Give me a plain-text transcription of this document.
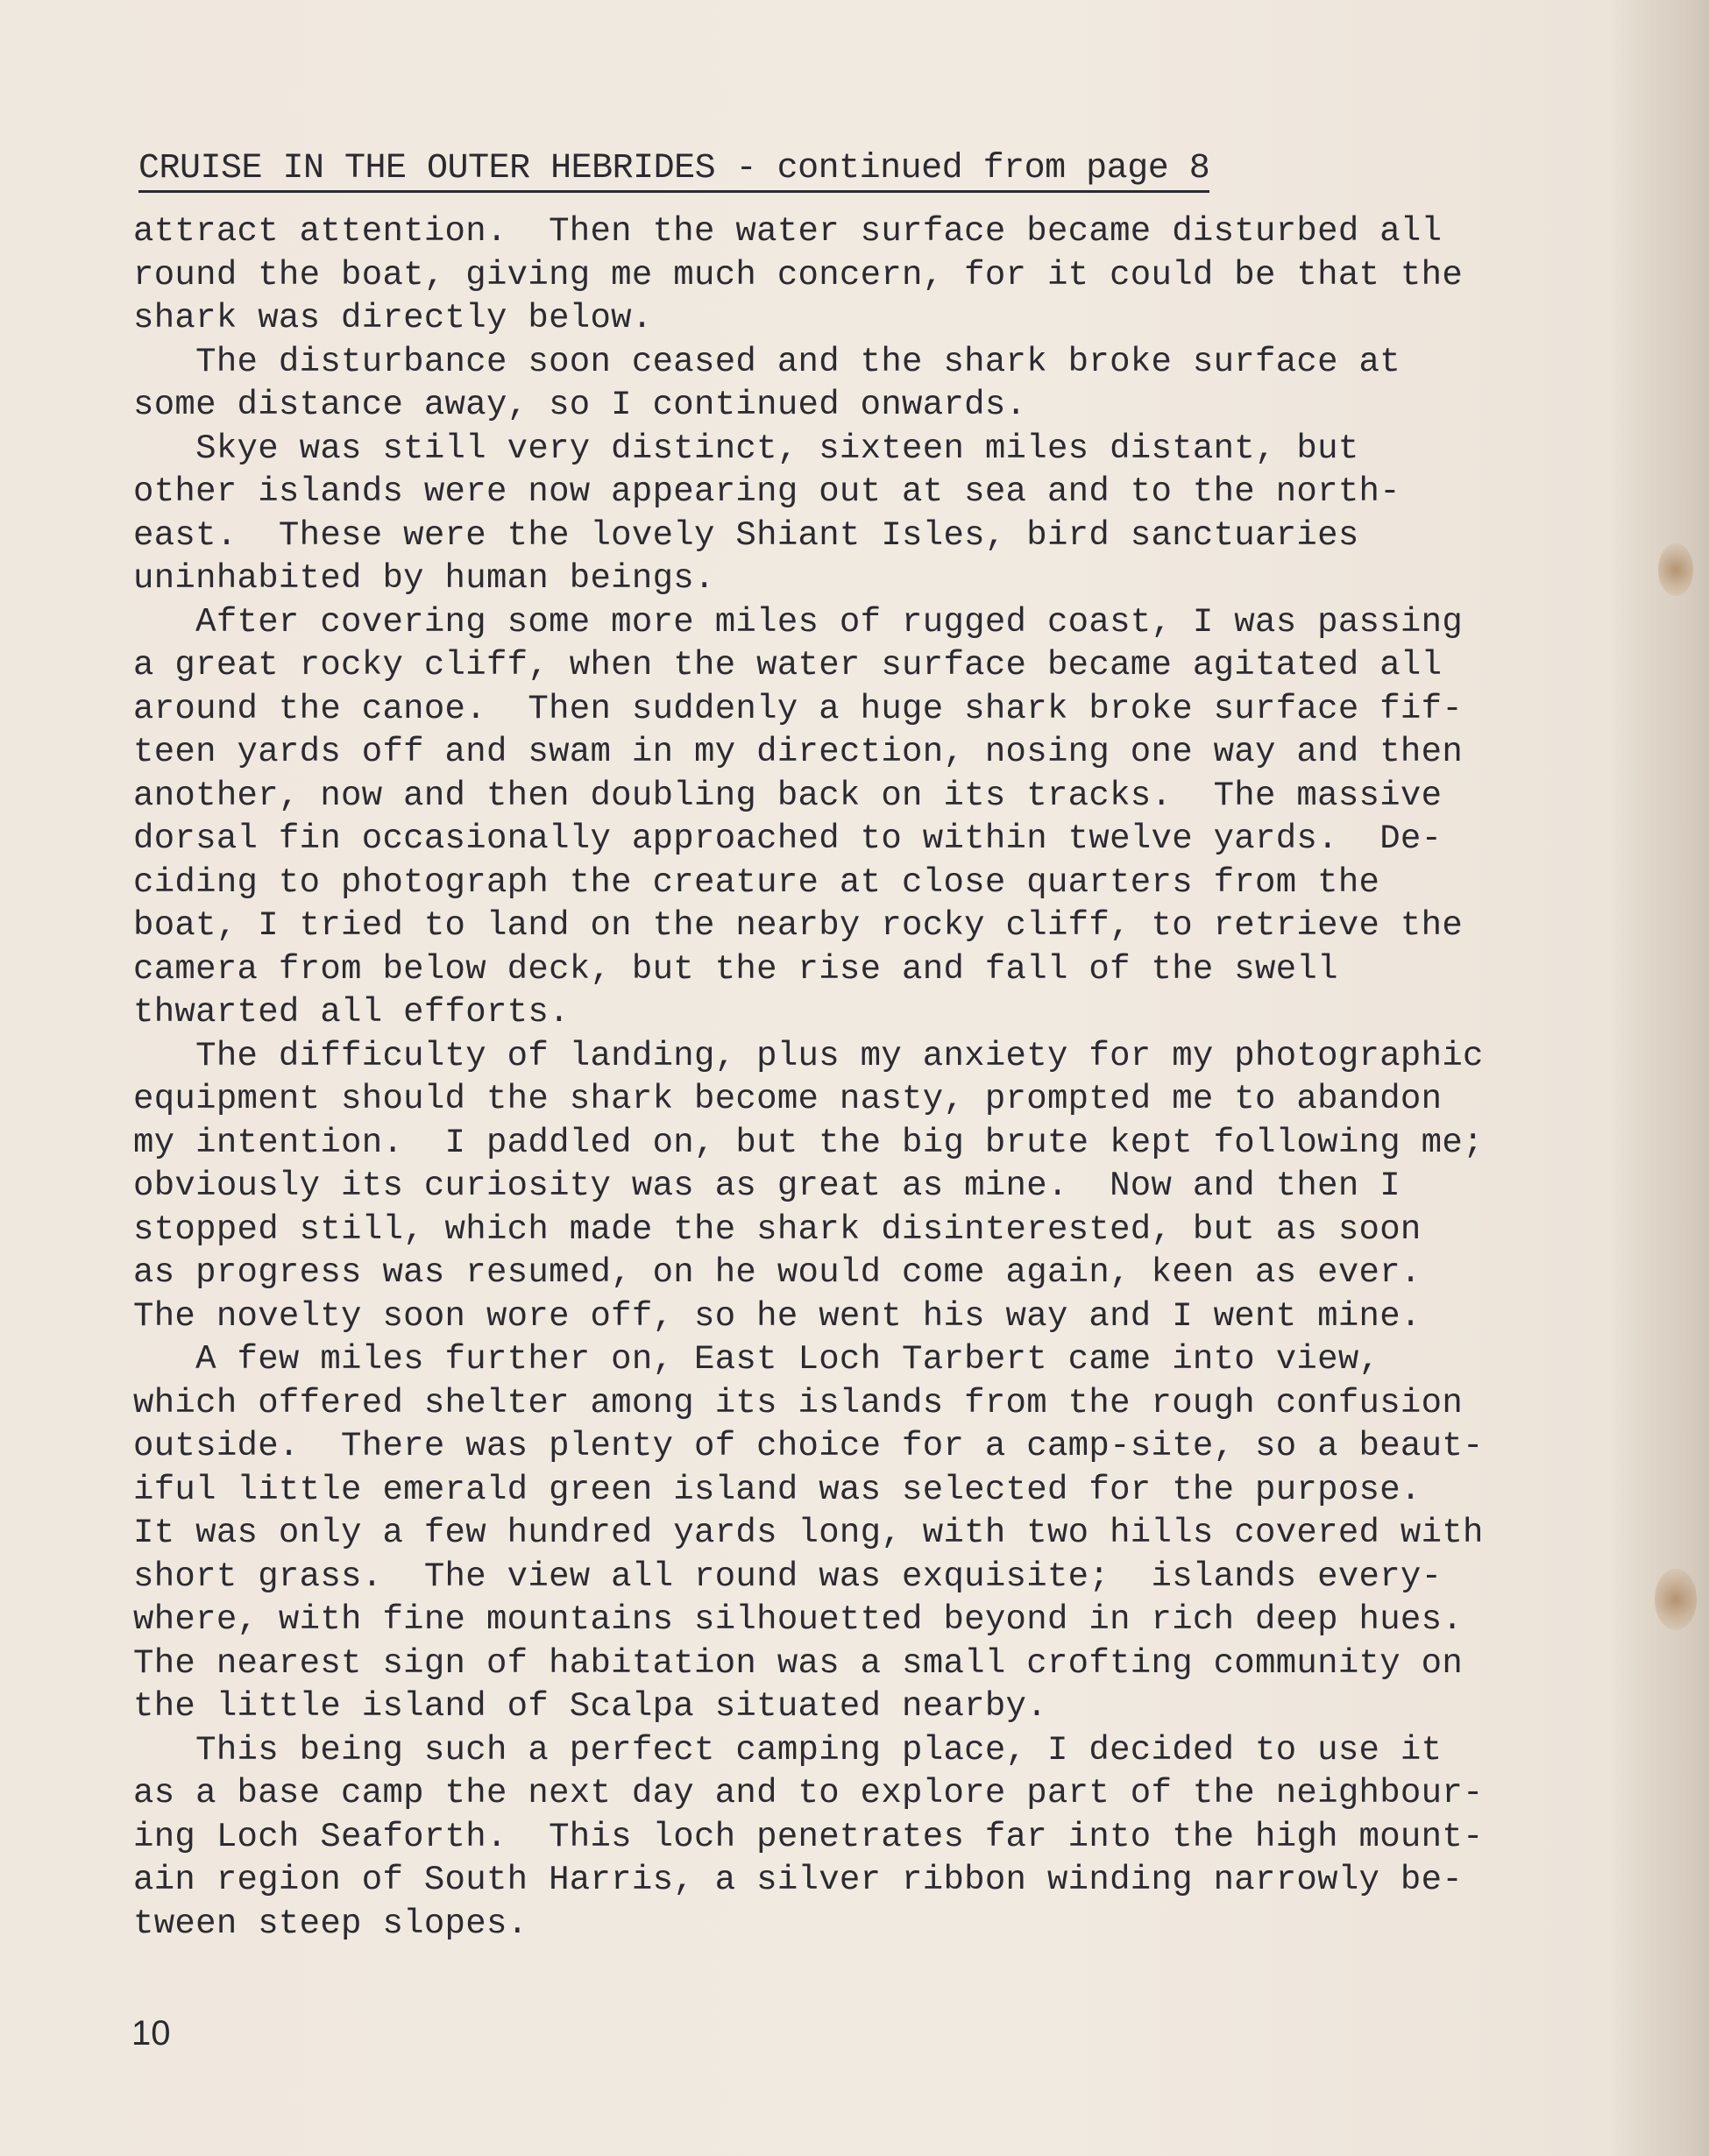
CRUISE IN THE OUTER HEBRIDES - continued from page 8
attract attention.  Then the water surface became disturbed all
round the boat, giving me much concern, for it could be that the
shark was directly below.
The disturbance soon ceased and the shark broke surface at
some distance away, so I continued onwards.
Skye was still very distinct, sixteen miles distant, but
other islands were now appearing out at sea and to the north-
east.  These were the lovely Shiant Isles, bird sanctuaries
uninhabited by human beings.
After covering some more miles of rugged coast, I was passing
a great rocky cliff, when the water surface became agitated all
around the canoe.  Then suddenly a huge shark broke surface fif-
teen yards off and swam in my direction, nosing one way and then
another, now and then doubling back on its tracks.  The massive
dorsal fin occasionally approached to within twelve yards.  De-
ciding to photograph the creature at close quarters from the
boat, I tried to land on the nearby rocky cliff, to retrieve the
camera from below deck, but the rise and fall of the swell
thwarted all efforts.
The difficulty of landing, plus my anxiety for my photographic
equipment should the shark become nasty, prompted me to abandon
my intention.  I paddled on, but the big brute kept following me;
obviously its curiosity was as great as mine.  Now and then I
stopped still, which made the shark disinterested, but as soon
as progress was resumed, on he would come again, keen as ever.
The novelty soon wore off, so he went his way and I went mine.
A few miles further on, East Loch Tarbert came into view,
which offered shelter among its islands from the rough confusion
outside.  There was plenty of choice for a camp-site, so a beaut-
iful little emerald green island was selected for the purpose.
It was only a few hundred yards long, with two hills covered with
short grass.  The view all round was exquisite;  islands every-
where, with fine mountains silhouetted beyond in rich deep hues.
The nearest sign of habitation was a small crofting community on
the little island of Scalpa situated nearby.
This being such a perfect camping place, I decided to use it
as a base camp the next day and to explore part of the neighbour-
ing Loch Seaforth.  This loch penetrates far into the high mount-
ain region of South Harris, a silver ribbon winding narrowly be-
tween steep slopes.
10
